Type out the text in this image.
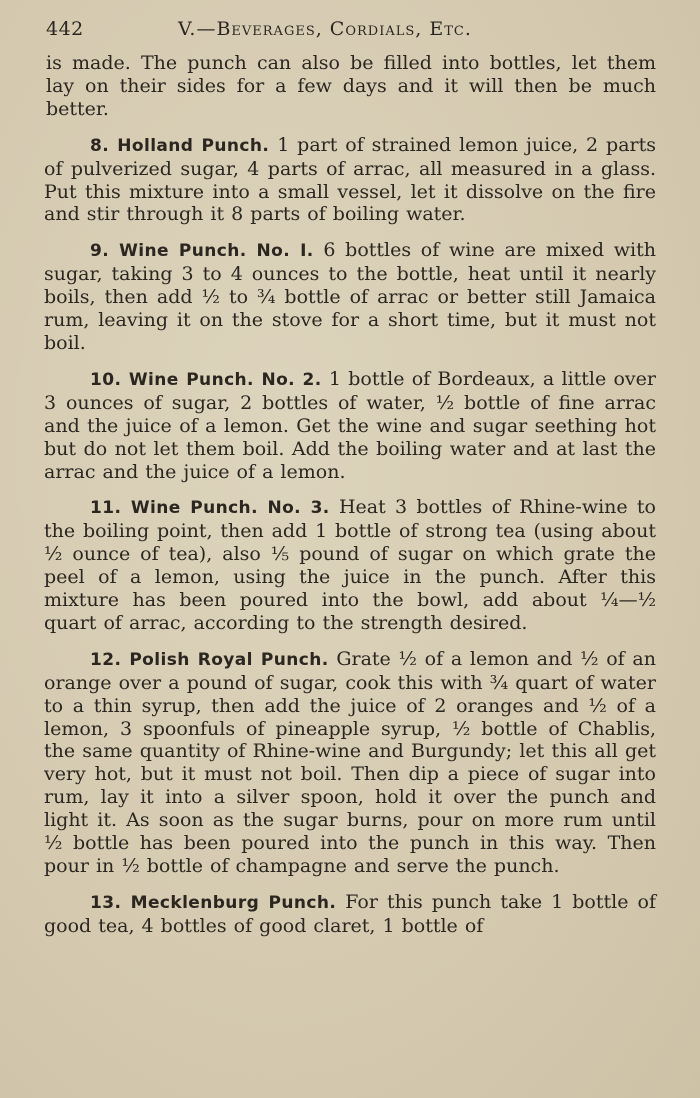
442	V.—Beverages, Cordials, Etc.

is made. The punch can also be filled into bottles, let them lay on their sides for a few days and it will then be much better.

8. Holland Punch. 1 part of strained lemon juice, 2 parts of pulverized sugar, 4 parts of arrac, all measured in a glass. Put this mixture into a small vessel, let it dissolve on the fire and stir through it 8 parts of boiling water.

9. Wine Punch. No. I. 6 bottles of wine are mixed with sugar, taking 3 to 4 ounces to the bottle, heat until it nearly boils, then add ½ to ¾ bottle of arrac or better still Jamaica rum, leaving it on the stove for a short time, but it must not boil.

10. Wine Punch. No. 2. 1 bottle of Bordeaux, a little over 3 ounces of sugar, 2 bottles of water, ½ bottle of fine arrac and the juice of a lemon. Get the wine and sugar seething hot but do not let them boil. Add the boiling water and at last the arrac and the juice of a lemon.

11. Wine Punch. No. 3. Heat 3 bottles of Rhine-wine to the boiling point, then add 1 bottle of strong tea (using about ½ ounce of tea), also ⅕ pound of sugar on which grate the peel of a lemon, using the juice in the punch. After this mixture has been poured into the bowl, add about ¼—½ quart of arrac, according to the strength desired.

12. Polish Royal Punch. Grate ½ of a lemon and ½ of an orange over a pound of sugar, cook this with ¾ quart of water to a thin syrup, then add the juice of 2 oranges and ½ of a lemon, 3 spoonfuls of pineapple syrup, ½ bottle of Chablis, the same quantity of Rhine-wine and Burgundy; let this all get very hot, but it must not boil. Then dip a piece of sugar into rum, lay it into a silver spoon, hold it over the punch and light it. As soon as the sugar burns, pour on more rum until ½ bottle has been poured into the punch in this way. Then pour in ½ bottle of champagne and serve the punch.

13. Mecklenburg Punch. For this punch take 1 bottle of good tea, 4 bottles of good claret, 1 bottle of
